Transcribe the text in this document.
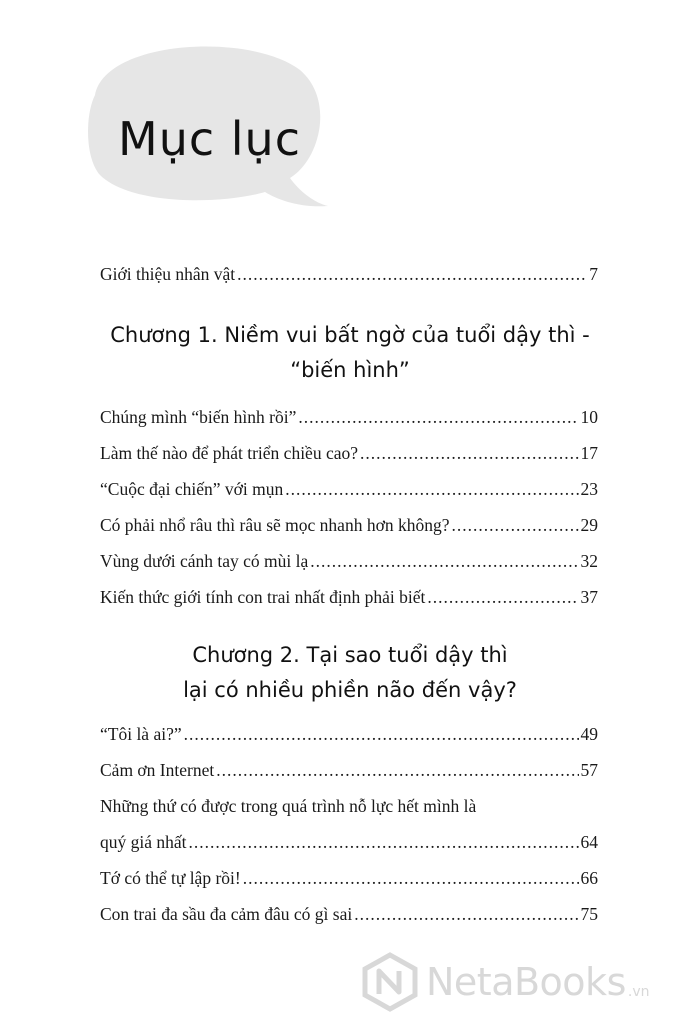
Mục lục
Giới thiệu nhân vật .....	7
Chương 1. Niềm vui bất ngờ của tuổi dậy thì -
“biến hình”
Chúng mình “biến hình rồi” .....	10
Làm thế nào để phát triển chiều cao? .....	17
“Cuộc đại chiến” với mụn .....	23
Có phải nhổ râu thì râu sẽ mọc nhanh hơn không? .....	29
Vùng dưới cánh tay có mùi lạ .....	32
Kiến thức giới tính con trai nhất định phải biết .....	37
Chương 2. Tại sao tuổi dậy thì
lại có nhiều phiền não đến vậy?
“Tôi là ai?” .....	49
Cảm ơn Internet .....	57
Những thứ có được trong quá trình nỗ lực hết mình là
quý giá nhất .....	64
Tớ có thể tự lập rồi! .....	66
Con trai đa sầu đa cảm đâu có gì sai .....	75
NetaBooks .vn
